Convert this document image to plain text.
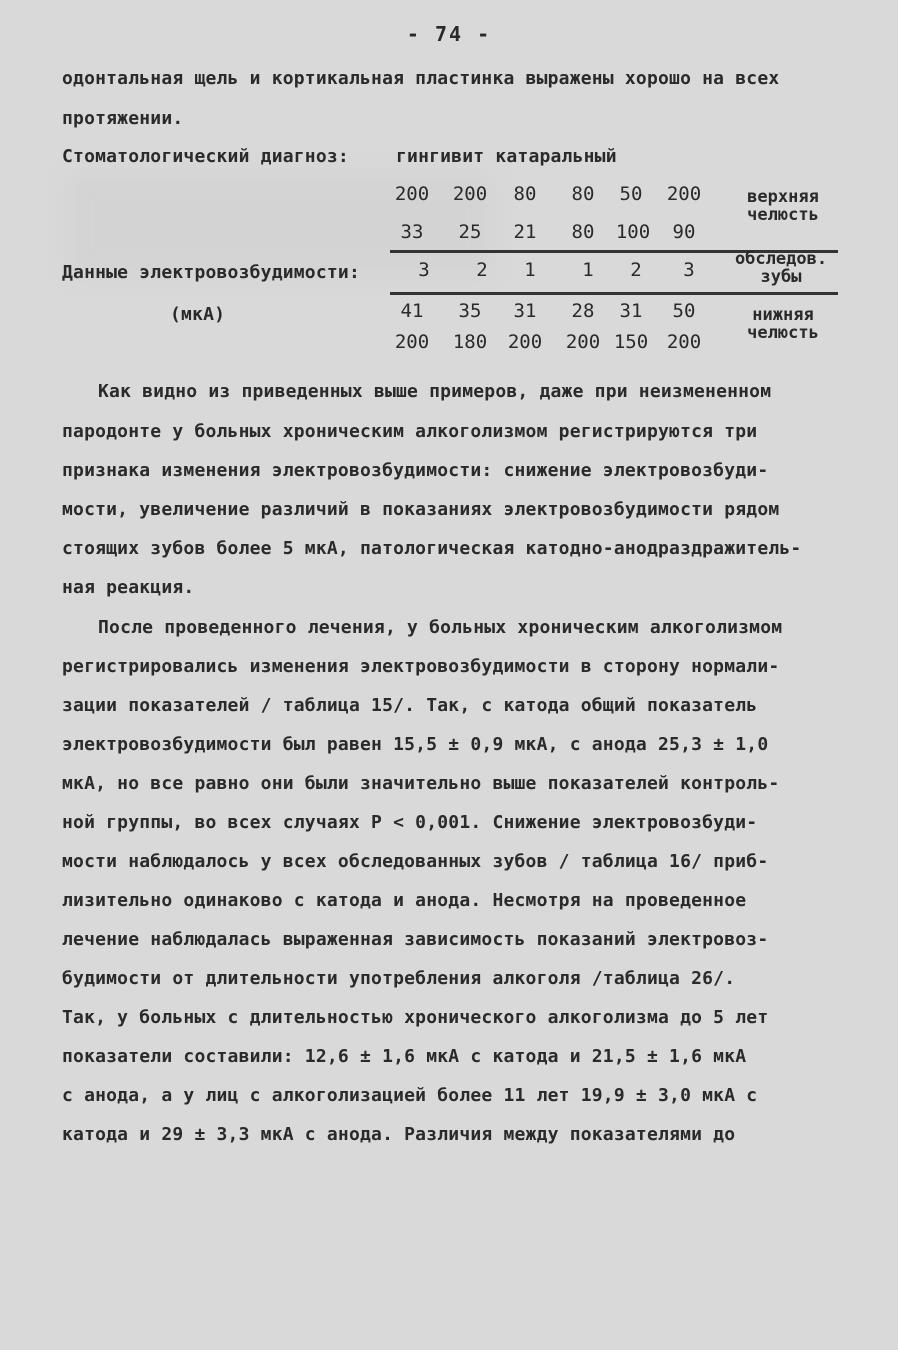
- 74 -
одонтальная щель и кортикальная пластинка выражены хорошо на всех
протяжении.
Стоматологический диагноз:	гингивит катаральный
200 200	80	80	50	200	верхняя
челюсть
33	25	21	80	100	90
Данные электровозбудимости:	3	2	1	1	2	3	обследов.
зубы
(мкА)	41	35	31	28	31	50	нижняя
челюсть
200 180 200 200 150 200
Как видно из приведенных выше примеров, даже при неизмененном
пародонте у больных хроническим алкоголизмом регистрируются три
признака изменения электровозбудимости: снижение электровозбуди-
мости, увеличение различий в показаниях электровозбудимости рядом
стоящих зубов более 5 мкА, патологическая катодно-анодраздражитель-
ная реакция.
После проведенного лечения, у больных хроническим алкоголизмом
регистрировались изменения электровозбудимости в сторону нормали-
зации показателей / таблица 15/. Так, с катода общий показатель
электровозбудимости был равен 15,5 ± 0,9 мкА, с анода 25,3 ± 1,0
мкА, но все равно они были значительно выше показателей контроль-
ной группы, во всех случаях P < 0,001. Снижение электровозбуди-
мости наблюдалось у всех обследованных зубов / таблица 16/ приб-
лизительно одинаково с катода и анода. Несмотря на проведенное
лечение наблюдалась выраженная зависимость показаний электровоз-
будимости от длительности употребления алкоголя /таблица 26/.
Так, у больных с длительностью хронического алкоголизма до 5 лет
показатели составили: 12,6 ± 1,6 мкА с катода и 21,5 ± 1,6 мкА
с анода, а у лиц с алкоголизацией более 11 лет 19,9 ± 3,0 мкА с
катода и 29 ± 3,3 мкА с анода. Различия между показателями до
